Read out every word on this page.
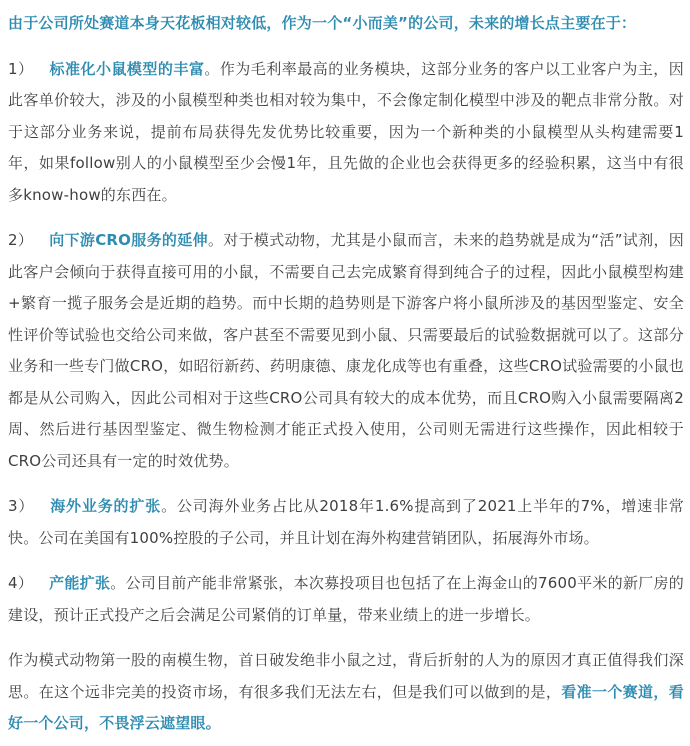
由于公司所处赛道本身天花板相对较低，作为一个“小而美”的公司，未来的增长点主要在于：

1） 标准化小鼠模型的丰富。作为毛利率最高的业务模块，这部分业务的客户以工业客户为主，因此客单价较大，涉及的小鼠模型种类也相对较为集中，不会像定制化模型中涉及的靶点非常分散。对于这部分业务来说，提前布局获得先发优势比较重要，因为一个新种类的小鼠模型从头构建需要1年，如果follow别人的小鼠模型至少会慢1年，且先做的企业也会获得更多的经验积累，这当中有很多know-how的东西在。

2） 向下游CRO服务的延伸。对于模式动物，尤其是小鼠而言，未来的趋势就是成为“活”试剂，因此客户会倾向于获得直接可用的小鼠，不需要自己去完成繁育得到纯合子的过程，因此小鼠模型构建+繁育一揽子服务会是近期的趋势。而中长期的趋势则是下游客户将小鼠所涉及的基因型鉴定、安全性评价等试验也交给公司来做，客户甚至不需要见到小鼠、只需要最后的试验数据就可以了。这部分业务和一些专门做CRO，如昭衍新药、药明康德、康龙化成等也有重叠，这些CRO试验需要的小鼠也都是从公司购入，因此公司相对于这些CRO公司具有较大的成本优势，而且CRO购入小鼠需要隔离2周、然后进行基因型鉴定、微生物检测才能正式投入使用，公司则无需进行这些操作，因此相较于CRO公司还具有一定的时效优势。

3） 海外业务的扩张。公司海外业务占比从2018年1.6%提高到了2021上半年的7%，增速非常快。公司在美国有100%控股的子公司，并且计划在海外构建营销团队，拓展海外市场。

4） 产能扩张。公司目前产能非常紧张，本次募投项目也包括了在上海金山的7600平米的新厂房的建设，预计正式投产之后会满足公司紧俏的订单量，带来业绩上的进一步增长。

作为模式动物第一股的南模生物，首日破发绝非小鼠之过，背后折射的人为的原因才真正值得我们深思。在这个远非完美的投资市场，有很多我们无法左右，但是我们可以做到的是，看准一个赛道，看好一个公司，不畏浮云遮望眼。
